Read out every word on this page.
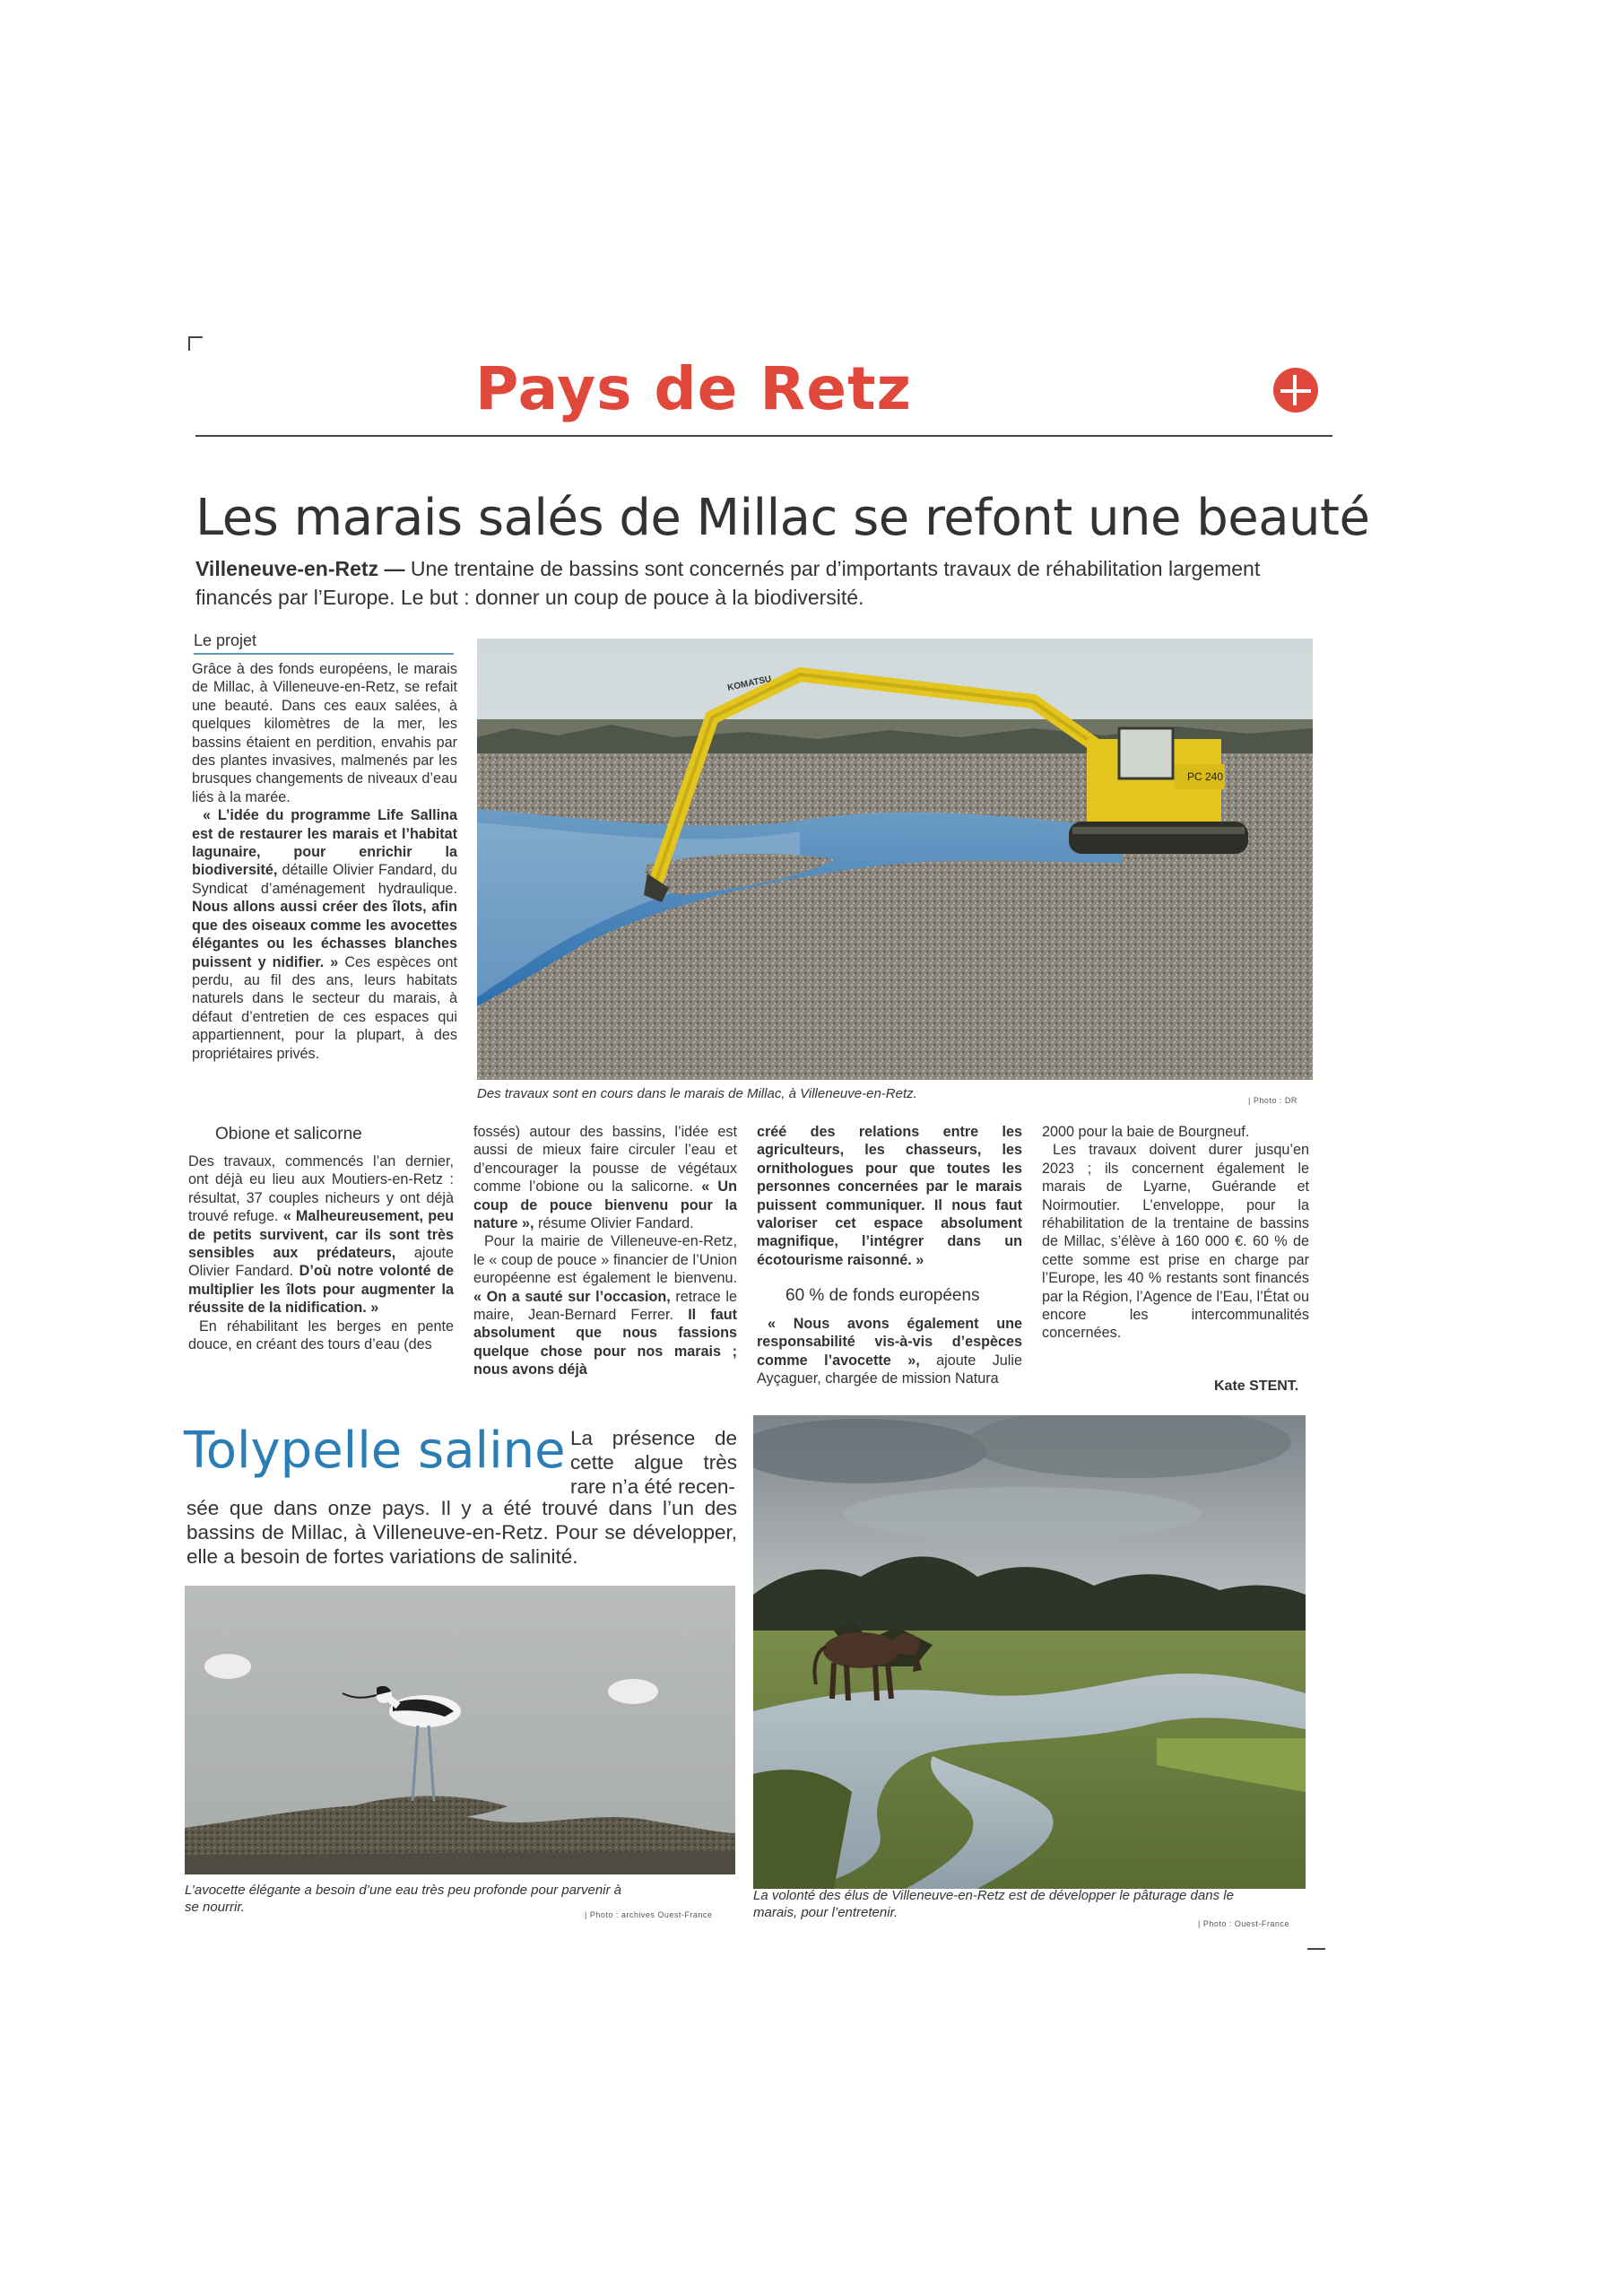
Pays de Retz
Les marais salés de Millac se refont une beauté
Villeneuve-en-Retz — Une trentaine de bassins sont concernés par d’importants travaux de réhabilitation largement financés par l’Europe. Le but : donner un coup de pouce à la biodiversité.
Le projet

Grâce à des fonds européens, le marais de Millac, à Villeneuve-en-Retz, se refait une beauté. Dans ces eaux salées, à quelques kilomètres de la mer, les bassins étaient en perdition, envahis par des plantes invasives, malmenés par les brusques changements de niveaux d’eau liés à la marée.

« L’idée du programme Life Sallina est de restaurer les marais et l’habitat lagunaire, pour enrichir la biodiversité, détaille Olivier Fandard, du Syndicat d’aménagement hydraulique. Nous allons aussi créer des îlots, afin que des oiseaux comme les avocettes élégantes ou les échasses blanches puissent y nidifier. » Ces espèces ont perdu, au fil des ans, leurs habitats naturels dans le secteur du marais, à défaut d’entretien de ces espaces qui appartiennent, pour la plupart, à des propriétaires privés.

KOMATSU
PC 240
Des travaux sont en cours dans le marais de Millac, à Villeneuve-en-Retz.	| Photo : DR
Obione et salicorne

Des travaux, commencés l’an dernier, ont déjà eu lieu aux Moutiers-en-Retz : résultat, 37 couples nicheurs y ont déjà trouvé refuge. « Malheureusement, peu de petits survivent, car ils sont très sensibles aux prédateurs, ajoute Olivier Fandard. D’où notre volonté de multiplier les îlots pour augmenter la réussite de la nidification. »

En réhabilitant les berges en pente douce, en créant des tours d’eau (des

fossés) autour des bassins, l’idée est aussi de mieux faire circuler l’eau et d’encourager la pousse de végétaux comme l’obione ou la salicorne. « Un coup de pouce bienvenu pour la nature », résume Olivier Fandard.

Pour la mairie de Villeneuve-en-Retz, le « coup de pouce » financier de l’Union européenne est également le bienvenu. « On a sauté sur l’occasion, retrace le maire, Jean-Bernard Ferrer. Il faut absolument que nous fassions quelque chose pour nos marais ; nous avons déjà

créé des relations entre les agriculteurs, les chasseurs, les ornithologues pour que toutes les personnes concernées par le marais puissent communiquer. Il nous faut valoriser cet espace absolument magnifique, l’intégrer dans un écotourisme raisonné. »

60 % de fonds européens

« Nous avons également une responsabilité vis-à-vis d’espèces comme l’avocette », ajoute Julie Ayçaguer, chargée de mission Natura

2000 pour la baie de Bourgneuf.

Les travaux doivent durer jusqu’en 2023 ; ils concernent également le marais de Lyarne, Guérande et Noirmoutier. L’enveloppe, pour la réhabilitation de la trentaine de bassins de Millac, s’élève à 160 000 €. 60 % de cette somme est prise en charge par l’Europe, les 40 % restants sont financés par la Région, l’Agence de l’Eau, l’État ou encore les intercommunalités concernées.

Kate STENT.
Tolypelle saline La présence de cette algue très rare n’a été recen-
sée que dans onze pays. Il y a été trouvé dans l’un des bassins de Millac, à Villeneuve-en-Retz. Pour se développer, elle a besoin de fortes variations de salinité.
L’avocette élégante a besoin d’une eau très peu profonde pour parvenir à se nourrir.	| Photo : archives Ouest-France
La volonté des élus de Villeneuve-en-Retz est de développer le pâturage dans le marais, pour l’entretenir.
| Photo : Ouest-France
